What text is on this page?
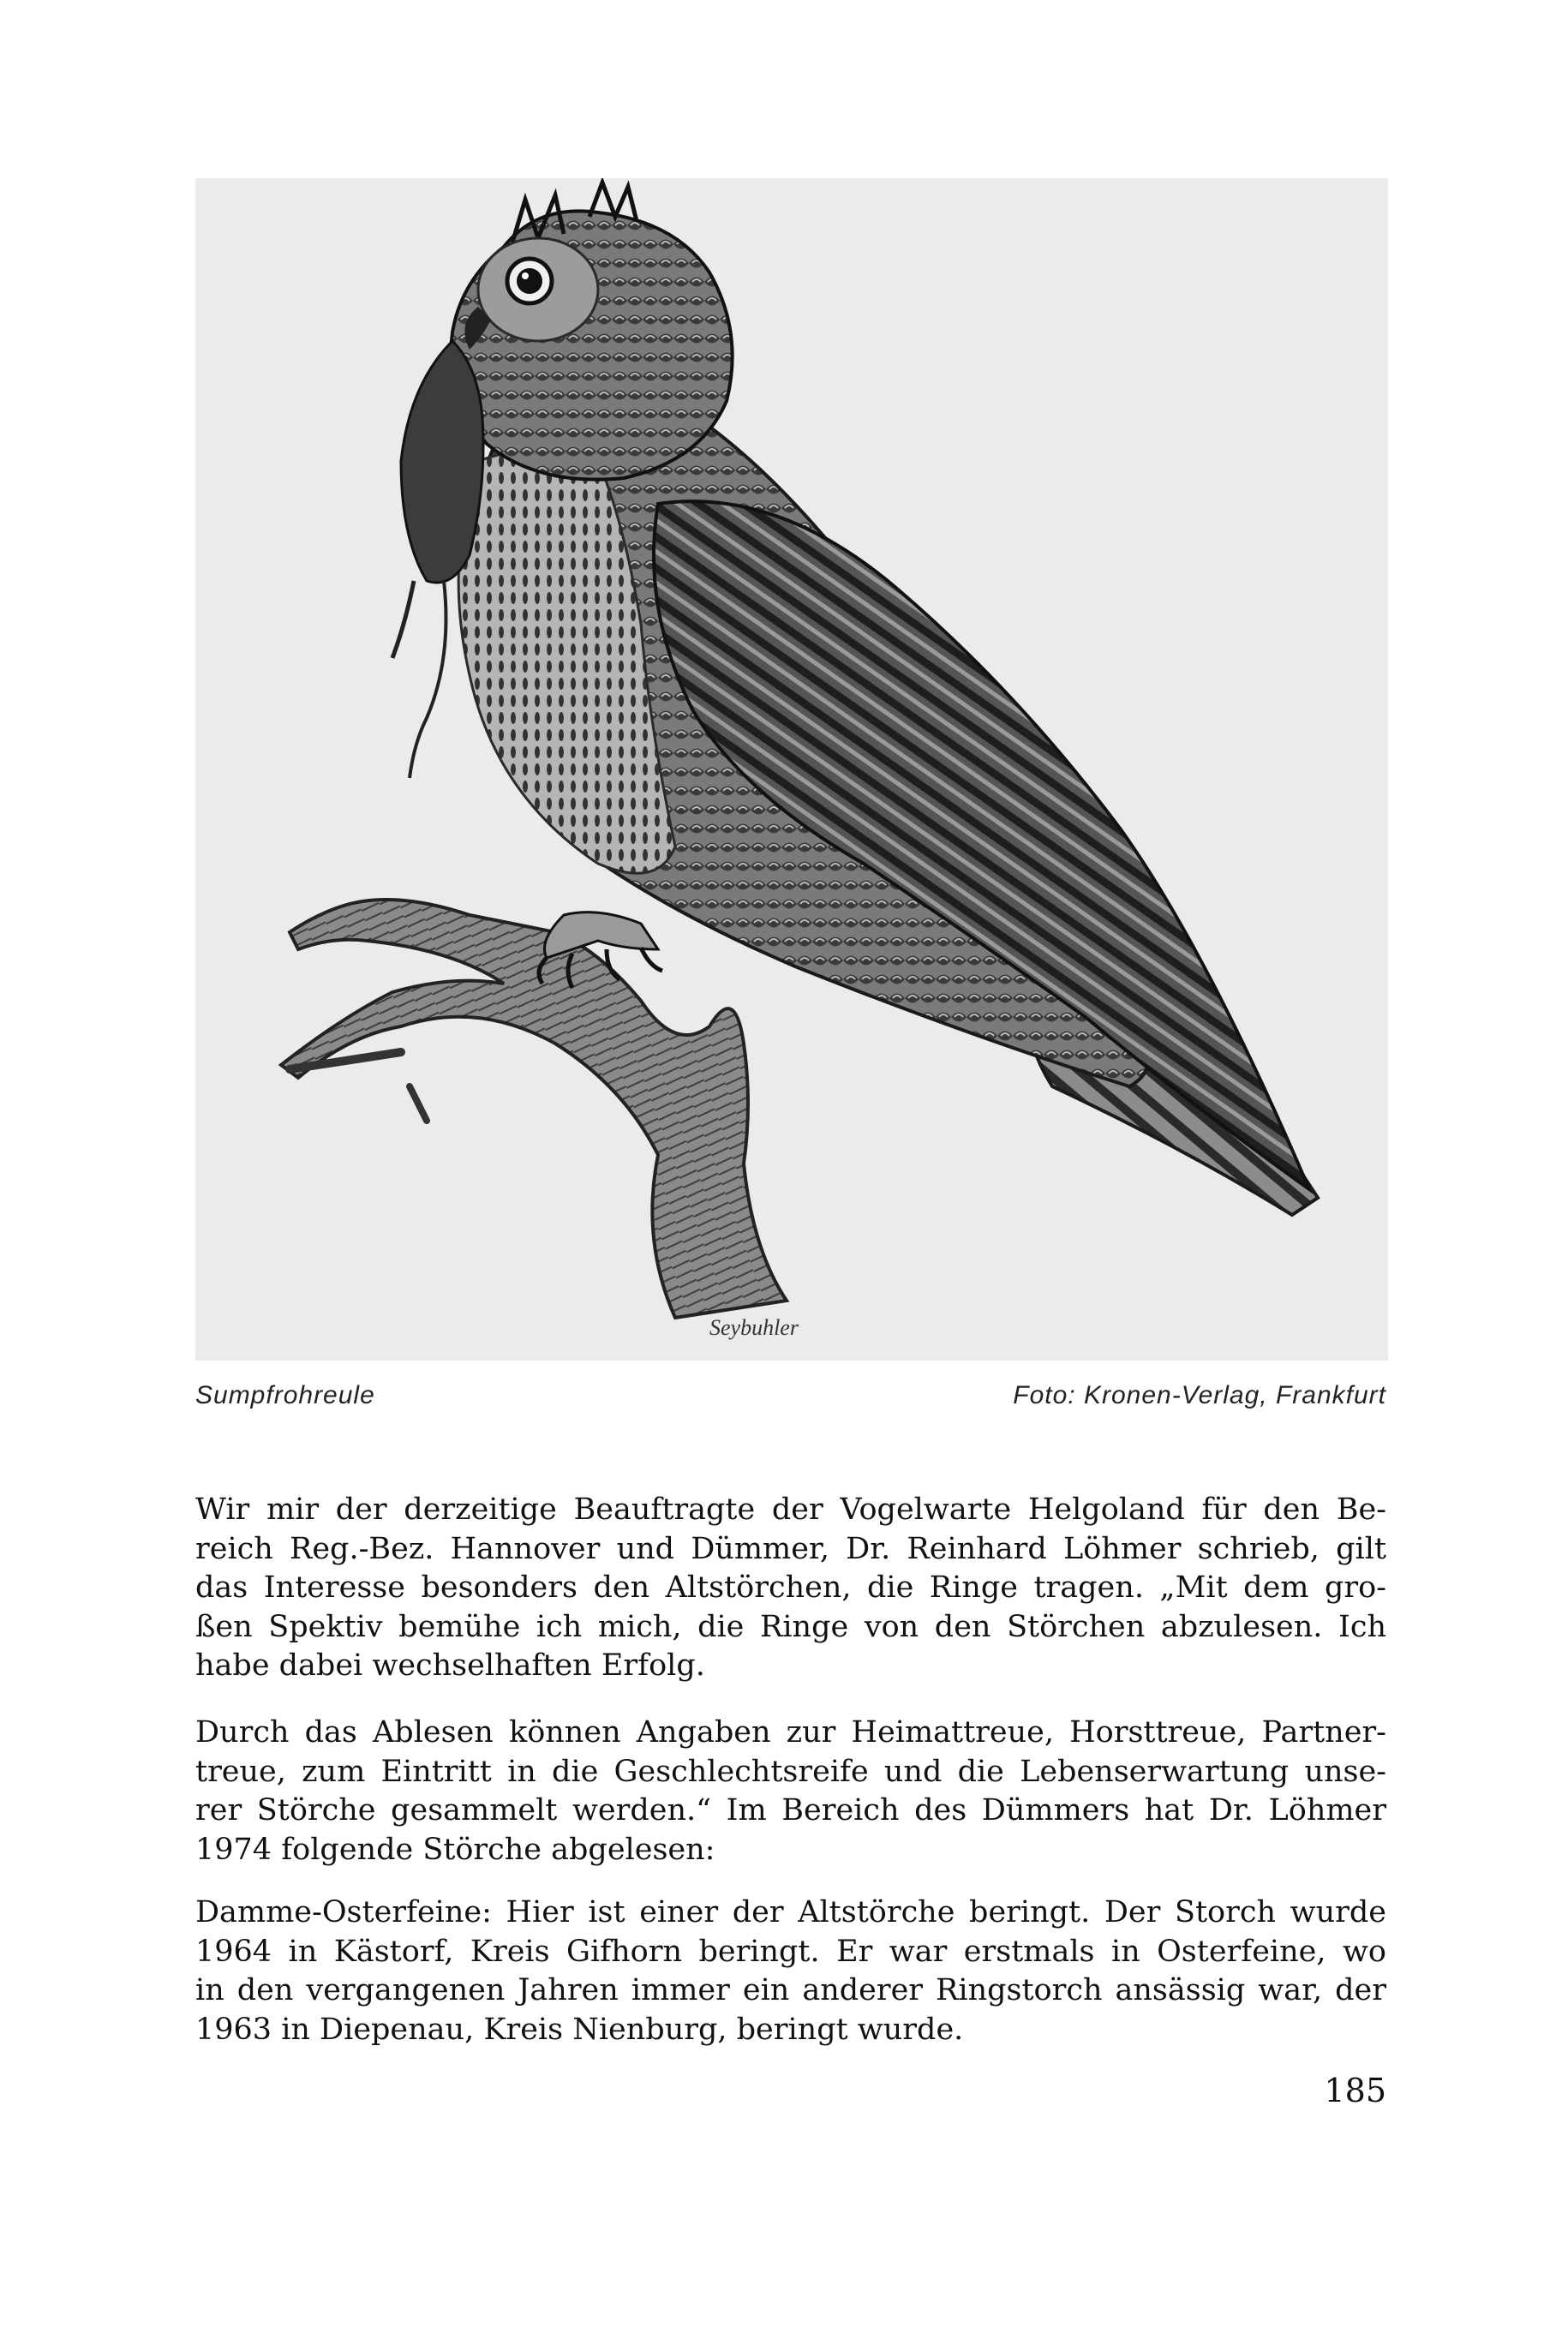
Seybuhler
Sumpfrohreule	Foto: Kronen-Verlag, Frankfurt
Wir mir der derzeitige Beauftragte der Vogelwarte Helgoland für den Be-
reich Reg.-Bez. Hannover und Dümmer, Dr. Reinhard Löhmer schrieb, gilt
das Interesse besonders den Altstörchen, die Ringe tragen. „Mit dem gro-
ßen Spektiv bemühe ich mich, die Ringe von den Störchen abzulesen. Ich
habe dabei wechselhaften Erfolg.
Durch das Ablesen können Angaben zur Heimattreue, Horsttreue, Partner-
treue, zum Eintritt in die Geschlechtsreife und die Lebenserwartung unse-
rer Störche gesammelt werden.“ Im Bereich des Dümmers hat Dr. Löhmer
1974 folgende Störche abgelesen:
Damme-Osterfeine: Hier ist einer der Altstörche beringt. Der Storch wurde
1964 in Kästorf, Kreis Gifhorn beringt. Er war erstmals in Osterfeine, wo
in den vergangenen Jahren immer ein anderer Ringstorch ansässig war, der
1963 in Diepenau, Kreis Nienburg, beringt wurde.
185
